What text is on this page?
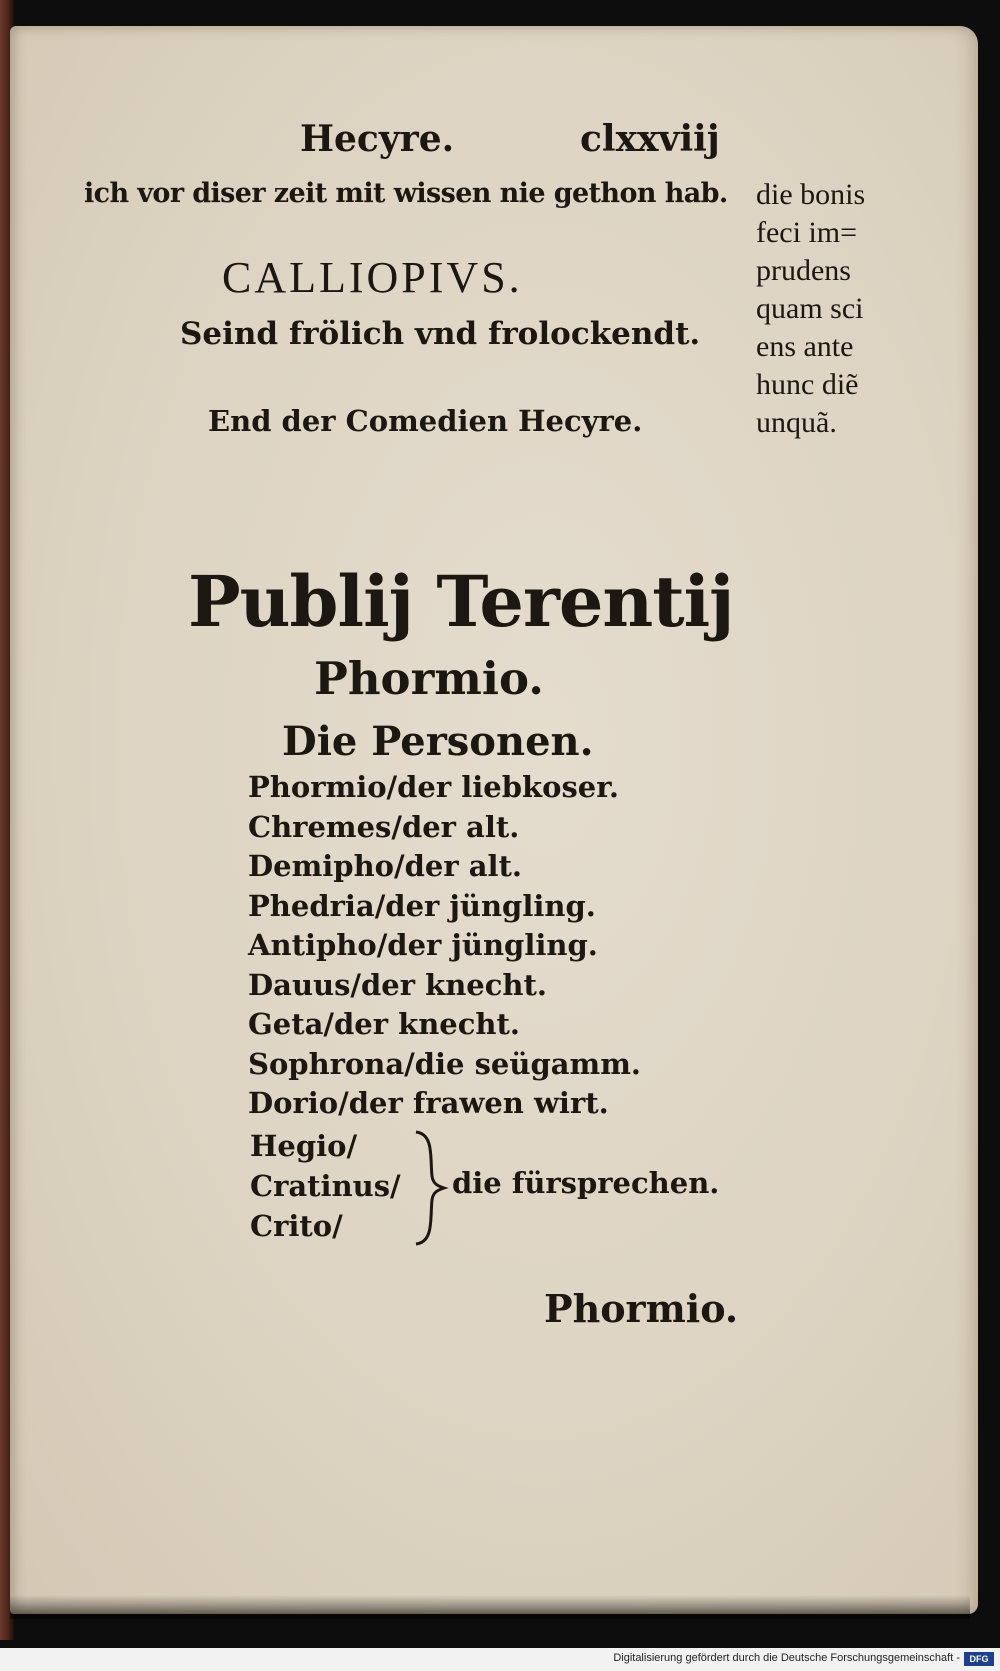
Hecyre.	clxxviij
ich vor diser zeit mit wissen nie gethon hab.
CALLIOPIVS.
Seind frölich vnd frolockendt.
End der Comedien Hecyre.
die bonis
feci im=
prudens
quam sci
ens ante
hunc diẽ
unquã.
Publij Terentij
Phormio.
Die Personen.
Phormio/der liebkoser.
Chremes/der alt.
Demipho/der alt.
Phedria/der jüngling.
Antipho/der jüngling.
Dauus/der knecht.
Geta/der knecht.
Sophrona/die seügamm.
Dorio/der frawen wirt.
Hegio/
Cratinus/
Crito/
die fürsprechen.
Phormio.
Digitalisierung gefördert durch die Deutsche Forschungsgemeinschaft -	DFG
